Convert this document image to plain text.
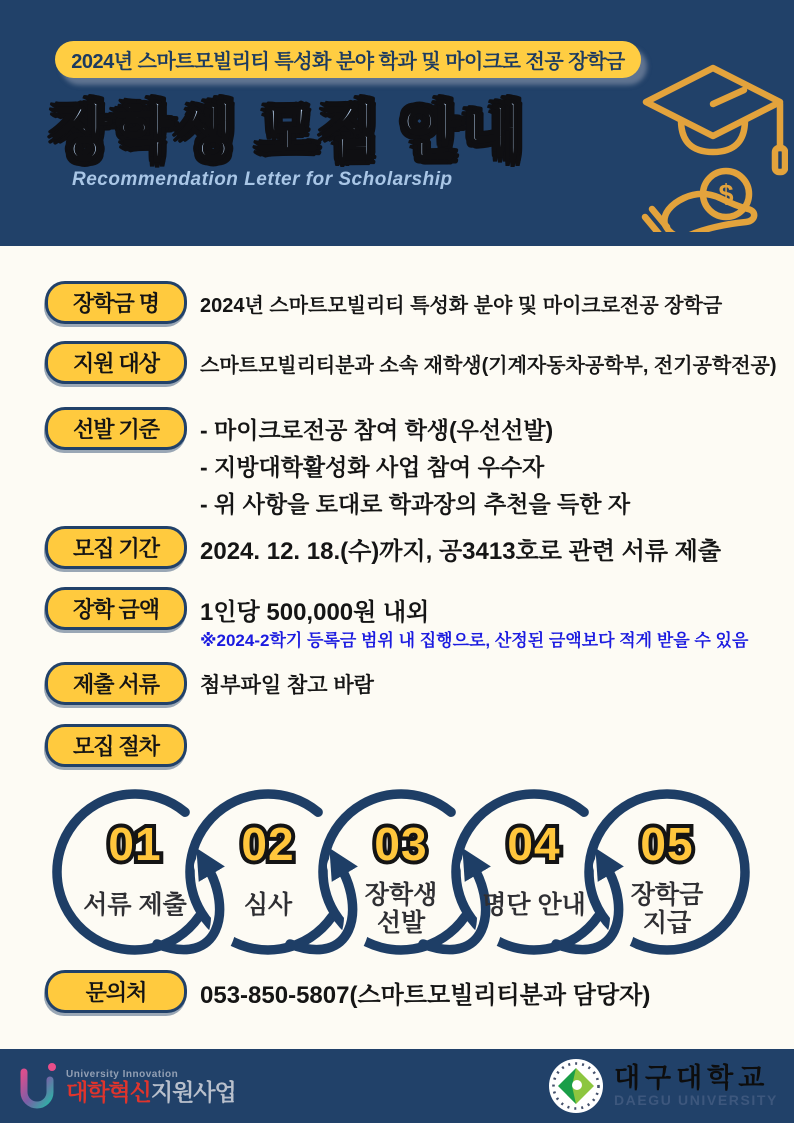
2024년 스마트모빌리티 특성화 분야 학과 및 마이크로 전공 장학금
장학생 모집 안내
Recommendation Letter for Scholarship	$
장학금 명	2024년 스마트모빌리티 특성화 분야 및 마이크로전공 장학금
지원 대상	스마트모빌리티분과 소속 재학생(기계자동차공학부, 전기공학전공)
선발 기준	- 마이크로전공 참여 학생(우선선발)
- 지방대학활성화 사업 참여 우수자
- 위 사항을 토대로 학과장의 추천을 득한 자
모집 기간	2024. 12. 18.(수)까지, 공3413호로 관련 서류 제출
장학 금액	1인당 500,000원 내외
※2024-2학기 등록금 범위 내 집행으로, 산정된 금액보다 적게 받을 수 있음
제출 서류	첨부파일 참고 바람
모집 절차
01 02 03 04 05
서류 제출 심사	장학생
선발
명단 안내 장학금
지급
문의처	053-850-5807(스마트모빌리티분과 담당자)
University Innovation
대학혁신지원사업	대구대학교
DAEGU UNIVERSITY
